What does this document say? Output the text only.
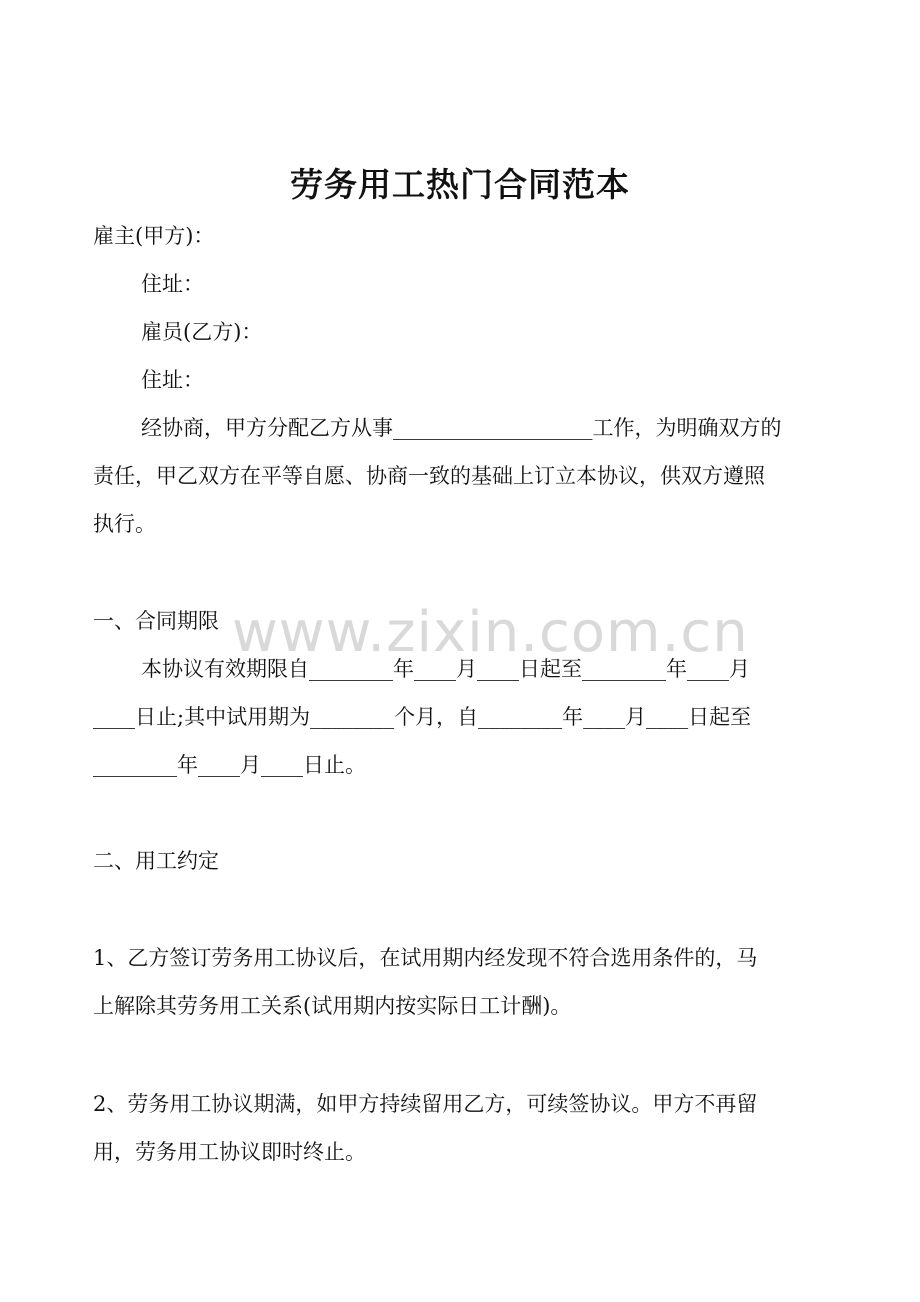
劳务用工热门合同范本
雇主(甲方)：
住址：
雇员(乙方)：
住址：
经协商，甲方分配乙方从事___________________工作，为明确双方的
责任，甲乙双方在平等自愿、协商一致的基础上订立本协议，供双方遵照
执行。
一、合同期限
本协议有效期限自________年____月____日起至________年____月
____日止;其中试用期为________个月，自________年____月____日起至
________年____月____日止。
二、用工约定
1、乙方签订劳务用工协议后，在试用期内经发现不符合选用条件的，马
上解除其劳务用工关系(试用期内按实际日工计酬)。
2、劳务用工协议期满，如甲方持续留用乙方，可续签协议。甲方不再留
用，劳务用工协议即时终止。
www.zixin.com.cn
